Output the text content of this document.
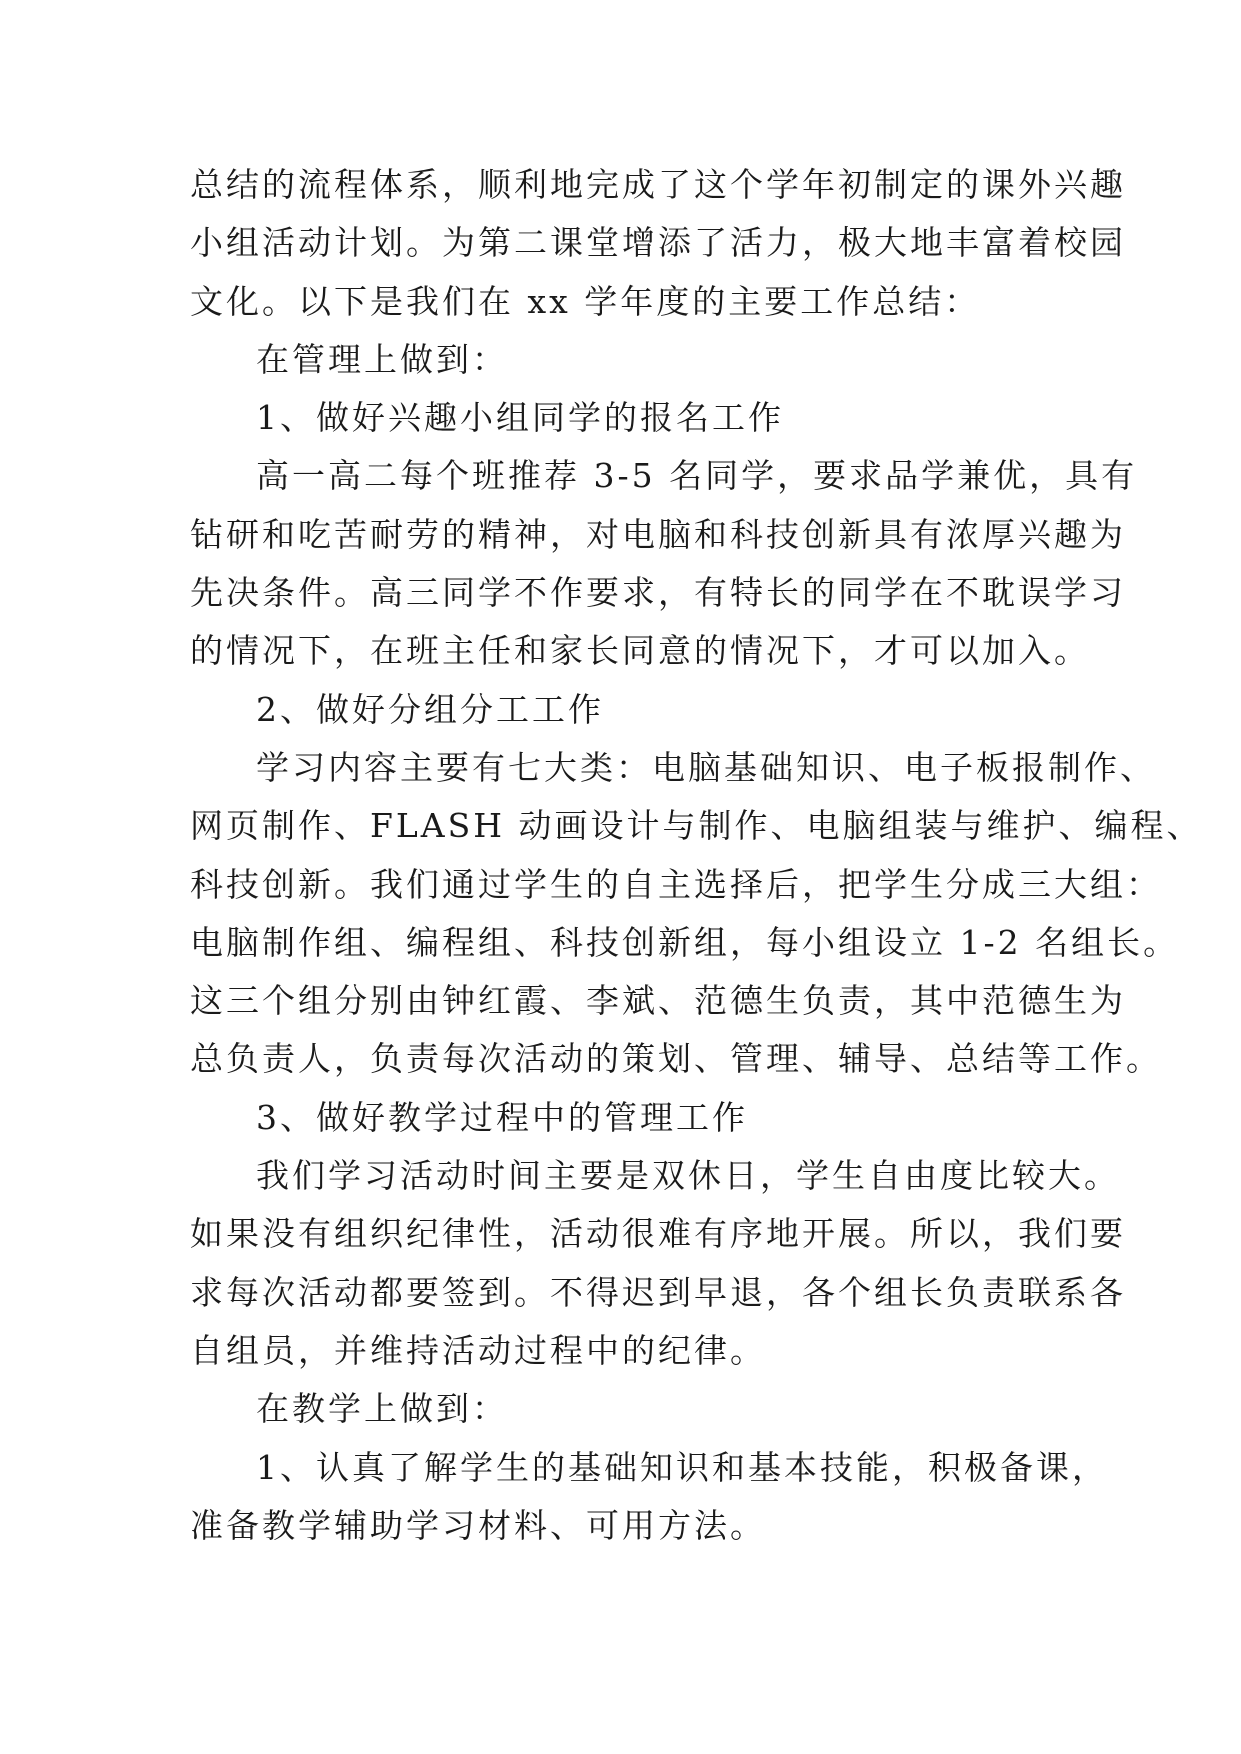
总结的流程体系，顺利地完成了这个学年初制定的课外兴趣

小组活动计划。为第二课堂增添了活力，极大地丰富着校园

文化。以下是我们在 xx 学年度的主要工作总结：

在管理上做到：

1、做好兴趣小组同学的报名工作

高一高二每个班推荐 3-5 名同学，要求品学兼优，具有

钻研和吃苦耐劳的精神，对电脑和科技创新具有浓厚兴趣为

先决条件。高三同学不作要求，有特长的同学在不耽误学习

的情况下，在班主任和家长同意的情况下，才可以加入。

2、做好分组分工工作

学习内容主要有七大类：电脑基础知识、电子板报制作、

网页制作、FLASH 动画设计与制作、电脑组装与维护、编程、

科技创新。我们通过学生的自主选择后，把学生分成三大组：

电脑制作组、编程组、科技创新组，每小组设立 1-2 名组长。

这三个组分别由钟红霞、李斌、范德生负责，其中范德生为

总负责人，负责每次活动的策划、管理、辅导、总结等工作。

3、做好教学过程中的管理工作

我们学习活动时间主要是双休日，学生自由度比较大。

如果没有组织纪律性，活动很难有序地开展。所以，我们要

求每次活动都要签到。不得迟到早退，各个组长负责联系各

自组员，并维持活动过程中的纪律。

在教学上做到：

1、认真了解学生的基础知识和基本技能，积极备课，

准备教学辅助学习材料、可用方法。
